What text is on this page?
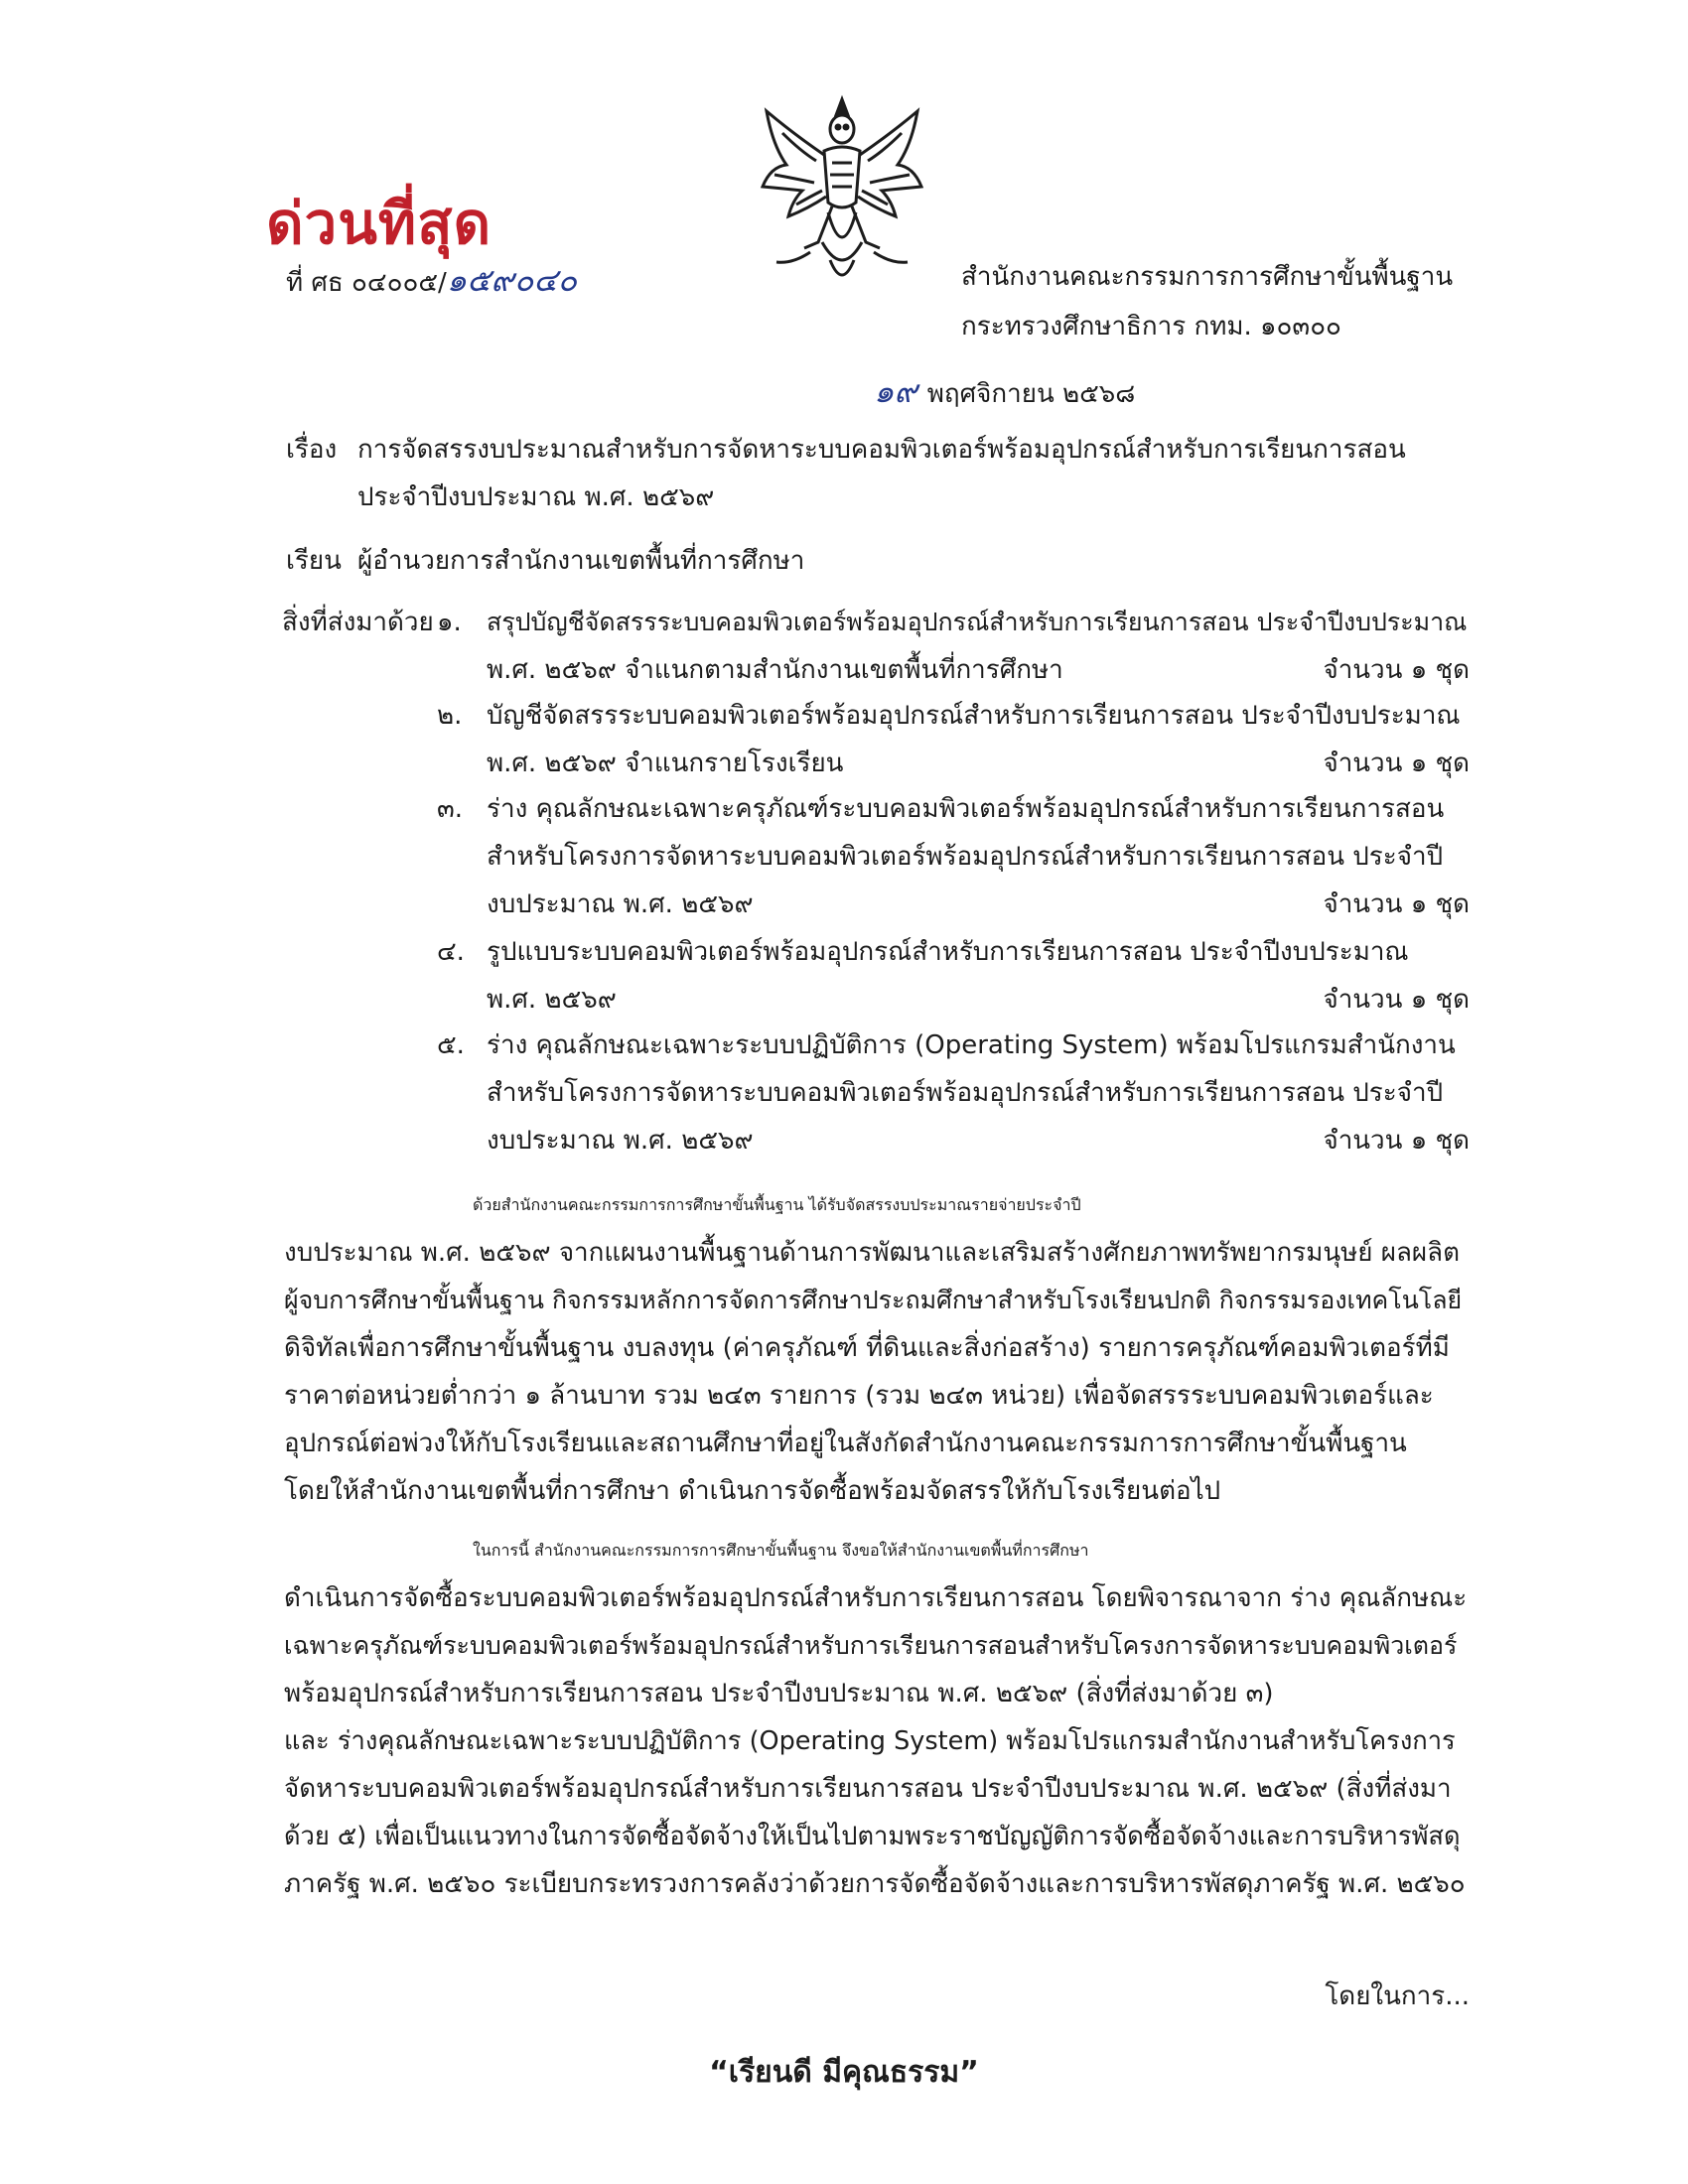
ด่วนที่สุด
ที่ ศธ ๐๔๐๐๕/๑๕๙๐๔๐	สำนักงานคณะกรรมการการศึกษาขั้นพื้นฐาน
กระทรวงศึกษาธิการ กทม. ๑๐๓๐๐
๑๙ พฤศจิกายน ๒๕๖๘
เรื่อง การจัดสรรงบประมาณสำหรับการจัดหาระบบคอมพิวเตอร์พร้อมอุปกรณ์สำหรับการเรียนการสอน
ประจำปีงบประมาณ พ.ศ. ๒๕๖๙
เรียน ผู้อำนวยการสำนักงานเขตพื้นที่การศึกษา
สิ่งที่ส่งมาด้วย ๑. สรุปบัญชีจัดสรรระบบคอมพิวเตอร์พร้อมอุปกรณ์สำหรับการเรียนการสอน ประจำปีงบประมาณ
พ.ศ. ๒๕๖๙ จำแนกตามสำนักงานเขตพื้นที่การศึกษา	จำนวน ๑ ชุด
๒. บัญชีจัดสรรระบบคอมพิวเตอร์พร้อมอุปกรณ์สำหรับการเรียนการสอน ประจำปีงบประมาณ
พ.ศ. ๒๕๖๙ จำแนกรายโรงเรียน	จำนวน ๑ ชุด
๓. ร่าง คุณลักษณะเฉพาะครุภัณฑ์ระบบคอมพิวเตอร์พร้อมอุปกรณ์สำหรับการเรียนการสอน
สำหรับโครงการจัดหาระบบคอมพิวเตอร์พร้อมอุปกรณ์สำหรับการเรียนการสอน ประจำปี
งบประมาณ พ.ศ. ๒๕๖๙	จำนวน ๑ ชุด
๔. รูปแบบระบบคอมพิวเตอร์พร้อมอุปกรณ์สำหรับการเรียนการสอน ประจำปีงบประมาณ
พ.ศ. ๒๕๖๙	จำนวน ๑ ชุด
๕. ร่าง คุณลักษณะเฉพาะระบบปฏิบัติการ (Operating System) พร้อมโปรแกรมสำนักงาน
สำหรับโครงการจัดหาระบบคอมพิวเตอร์พร้อมอุปกรณ์สำหรับการเรียนการสอน ประจำปี
งบประมาณ พ.ศ. ๒๕๖๙	จำนวน ๑ ชุด
ด้วยสำนักงานคณะกรรมการการศึกษาขั้นพื้นฐาน ได้รับจัดสรรงบประมาณรายจ่ายประจำปี
งบประมาณ พ.ศ. ๒๕๖๙ จากแผนงานพื้นฐานด้านการพัฒนาและเสริมสร้างศักยภาพทรัพยากรมนุษย์ ผลผลิต
ผู้จบการศึกษาขั้นพื้นฐาน กิจกรรมหลักการจัดการศึกษาประถมศึกษาสำหรับโรงเรียนปกติ กิจกรรมรองเทคโนโลยี
ดิจิทัลเพื่อการศึกษาขั้นพื้นฐาน งบลงทุน (ค่าครุภัณฑ์ ที่ดินและสิ่งก่อสร้าง) รายการครุภัณฑ์คอมพิวเตอร์ที่มี
ราคาต่อหน่วยต่ำกว่า ๑ ล้านบาท รวม ๒๔๓ รายการ (รวม ๒๔๓ หน่วย) เพื่อจัดสรรระบบคอมพิวเตอร์และ
อุปกรณ์ต่อพ่วงให้กับโรงเรียนและสถานศึกษาที่อยู่ในสังกัดสำนักงานคณะกรรมการการศึกษาขั้นพื้นฐาน
โดยให้สำนักงานเขตพื้นที่การศึกษา ดำเนินการจัดซื้อพร้อมจัดสรรให้กับโรงเรียนต่อไป
ในการนี้ สำนักงานคณะกรรมการการศึกษาขั้นพื้นฐาน จึงขอให้สำนักงานเขตพื้นที่การศึกษา
ดำเนินการจัดซื้อระบบคอมพิวเตอร์พร้อมอุปกรณ์สำหรับการเรียนการสอน โดยพิจารณาจาก ร่าง คุณลักษณะ
เฉพาะครุภัณฑ์ระบบคอมพิวเตอร์พร้อมอุปกรณ์สำหรับการเรียนการสอนสำหรับโครงการจัดหาระบบคอมพิวเตอร์
พร้อมอุปกรณ์สำหรับการเรียนการสอน ประจำปีงบประมาณ พ.ศ. ๒๕๖๙ (สิ่งที่ส่งมาด้วย ๓)
และ ร่างคุณลักษณะเฉพาะระบบปฏิบัติการ (Operating System) พร้อมโปรแกรมสำนักงานสำหรับโครงการ
จัดหาระบบคอมพิวเตอร์พร้อมอุปกรณ์สำหรับการเรียนการสอน ประจำปีงบประมาณ พ.ศ. ๒๕๖๙ (สิ่งที่ส่งมา
ด้วย ๕) เพื่อเป็นแนวทางในการจัดซื้อจัดจ้างให้เป็นไปตามพระราชบัญญัติการจัดซื้อจัดจ้างและการบริหารพัสดุ
ภาครัฐ พ.ศ. ๒๕๖๐ ระเบียบกระทรวงการคลังว่าด้วยการจัดซื้อจัดจ้างและการบริหารพัสดุภาครัฐ พ.ศ. ๒๕๖๐
โดยในการ...
“เรียนดี มีคุณธรรม”
